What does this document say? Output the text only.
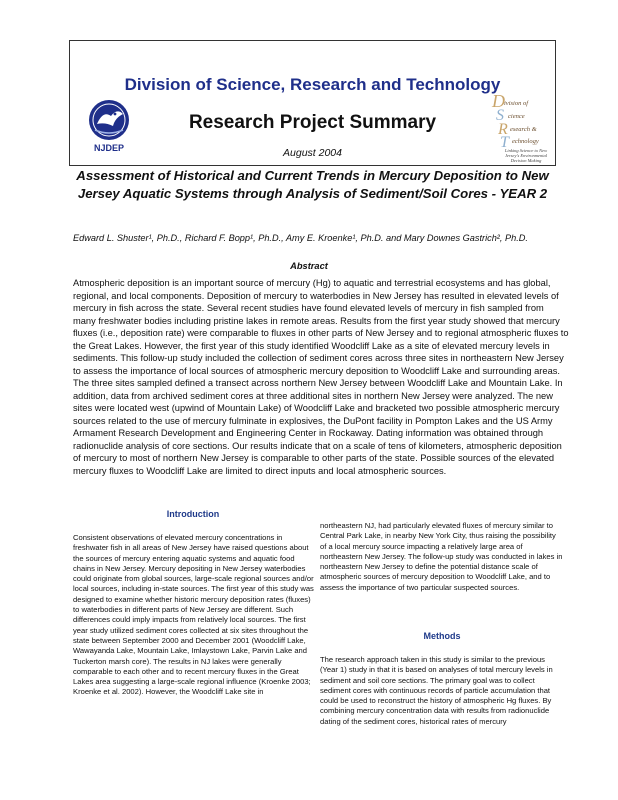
NJDEP
Division of Science, Research and Technology
Research Project Summary
August 2004
D
S
R
T
ivision of
cience
esearch &
echnology
Linking Science to New Jersey's Environmental Decision Making
Assessment of Historical and Current Trends in Mercury Deposition to New Jersey Aquatic Systems through Analysis of Sediment/Soil Cores - YEAR 2
Edward L. Shuster¹, Ph.D., Richard F. Bopp¹, Ph.D., Amy E. Kroenke¹, Ph.D. and Mary Downes Gastrich², Ph.D.
Abstract

Atmospheric deposition is an important source of mercury (Hg) to aquatic and terrestrial ecosystems and has global, regional, and local components. Deposition of mercury to waterbodies in New Jersey has resulted in elevated levels of mercury in fish across the state. Several recent studies have found elevated levels of mercury in fish sampled from many freshwater bodies including pristine lakes in remote areas. Results from the first year study showed that mercury fluxes (i.e., deposition rate) were comparable to fluxes in other parts of New Jersey and to regional atmospheric fluxes to the Great Lakes. However, the first year of this study identified Woodcliff Lake as a site of elevated mercury levels in sediments. This follow-up study included the collection of sediment cores across three sites in northeastern New Jersey to assess the importance of local sources of atmospheric mercury deposition to Woodcliff Lake and surrounding areas. The three sites sampled defined a transect across northern New Jersey between Woodcliff Lake and Mountain Lake. In addition, data from archived sediment cores at three additional sites in northern New Jersey were analyzed. The new sites were located west (upwind of Mountain Lake) of Woodcliff Lake and bracketed two possible atmospheric mercury sources related to the use of mercury fulminate in explosives, the DuPont facility in Pompton Lakes and the US Army Armament Research Development and Engineering Center in Rockaway. Dating information was obtained through radionuclide analysis of core sections. Our results indicate that on a scale of tens of kilometers, atmospheric deposition of mercury to most of northern New Jersey is comparable to other parts of the state. Possible sources of the elevated mercury fluxes to Woodcliff Lake are limited to direct inputs and local atmospheric sources.

Introduction

Consistent observations of elevated mercury concentrations in freshwater fish in all areas of New Jersey have raised questions about the sources of mercury entering aquatic systems and aquatic food chains in New Jersey. Mercury depositing in New Jersey waterbodies could originate from global sources, large-scale regional sources and/or local sources, including in-state sources. The first year of this study was designed to examine whether historic mercury deposition rates (fluxes) to waterbodies in different parts of New Jersey are different. Such differences could imply impacts from relatively local sources. The first year study utilized sediment cores collected at six sites throughout the state between September 2000 and December 2001 (Woodcliff Lake, Wawayanda Lake, Mountain Lake, Imlaystown Lake, Parvin Lake and Tuckerton marsh core). The results in NJ lakes were generally comparable to each other and to recent mercury fluxes in the Great Lakes area suggesting a large-scale regional influence (Kroenke 2003; Kroenke et al. 2002). However, the Woodcliff Lake site in

northeastern NJ, had particularly elevated fluxes of mercury similar to Central Park Lake, in nearby New York City, thus raising the possibility of a local mercury source impacting a relatively large area of northeastern New Jersey. The follow-up study was conducted in lakes in northeastern New Jersey to define the potential distance scale of atmospheric sources of mercury deposition to Woodcliff Lake, and to assess the importance of two particular suspected sources.

Methods

The research approach taken in this study is similar to the previous (Year 1) study in that it is based on analyses of total mercury levels in sediment and soil core sections. The primary goal was to collect sediment cores with continuous records of particle accumulation that could be used to reconstruct the history of atmospheric Hg fluxes. By combining mercury concentration data with results from radionuclide dating of the sediment cores, historical rates of mercury
